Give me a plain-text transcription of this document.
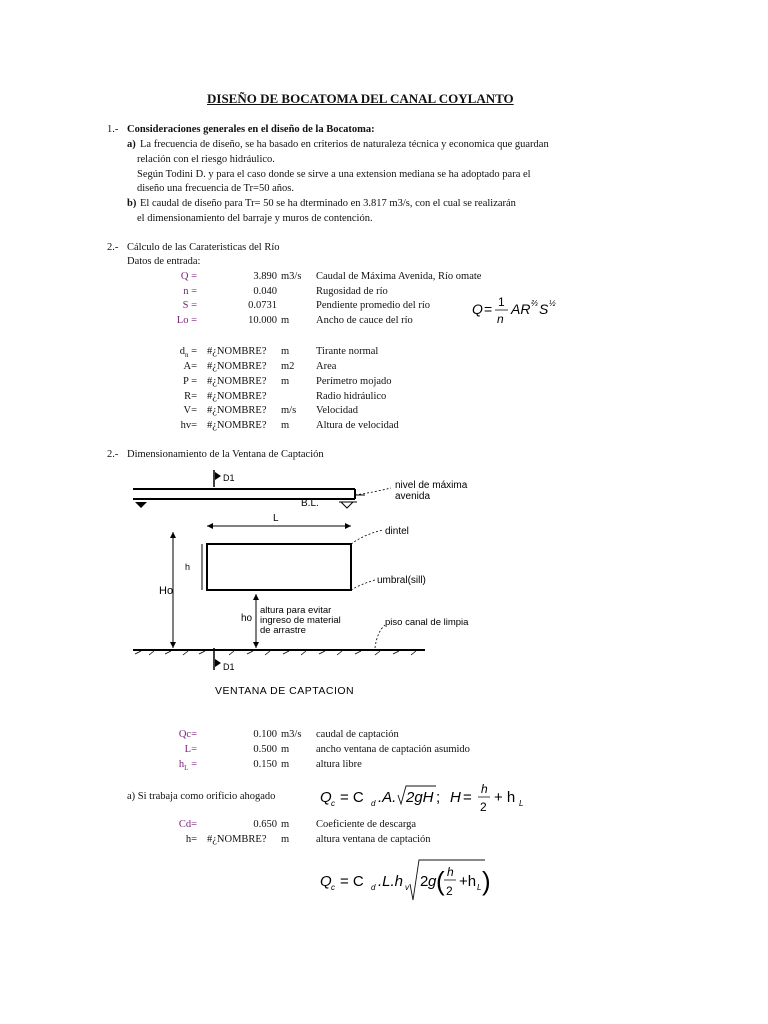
DISEÑO DE BOCATOMA DEL CANAL COYLANTO
1.- Consideraciones generales en el diseño de la Bocatoma:
a) La frecuencia de diseño, se ha basado en criterios de naturaleza técnica y economica que guardan
relación con el riesgo hidráulico.
Según Todini D. y para el caso donde se sirve a una extension mediana se ha adoptado para el
diseño una frecuencia de Tr=50 años.
b) El caudal de diseño para Tr= 50 se ha dterminado en 3.817 m3/s, con el cual se realizarán
el dimensionamiento del barraje y muros de contención.
2.- Cálculo de las Carateristicas del Río
Datos de entrada:
Q =	3.890 m3/s Caudal de Máxima Avenida, Río omate
n =	0.040	Rugosidad de río
S =	0.0731	Pendiente promedio del río
Lo =	10.000 m	Ancho de cauce del río
Q = 1
n
AR ⅔ S ½
$d_n$ = #¿NOMBRE? m	Tirante normal
A= #¿NOMBRE? m2 Area
P = #¿NOMBRE? m	Perímetro mojado
R= #¿NOMBRE?	Radio hidráulico
V= #¿NOMBRE? m/s Velocidad
hv= #¿NOMBRE? m	Altura de velocidad
2.- Dimensionamiento de la Ventana de Captación
D1
D1
B.L.
L
h
Ho
ho
altura para evitar
ingreso de material
de arrastre
nivel de máxima
avenida
dintel
umbral(sill)
piso canal de limpia
VENTANA DE CAPTACION
Qc=	0.100 m3/s caudal de captación
L=	0.500 m	ancho ventana de captación asumido
$h_L$ =	0.150 m	altura libre
a) Si trabaja como orificio ahogado	Q c = C d .A. 2gH ; H = h
2
+ h L
Cd=	0.650 m	Coeficiente de descarga
h= #¿NOMBRE? m	altura ventana de captación
Q c = C d .L.h v 2 g ( h
2
+h L )
